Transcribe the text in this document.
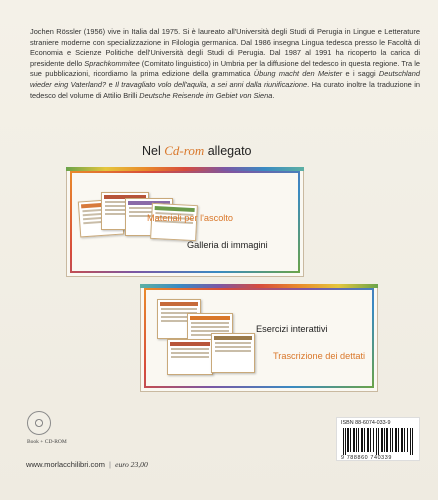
Jochen Rössler (1956) vive in Italia dal 1975. Si è laureato all'Università degli Studi di Perugia in Lingue e Letterature straniere moderne con specializzazione in Filologia germanica. Dal 1986 insegna Lingua tedesca presso le Facoltà di Economia e Scienze Politiche dell'Università degli Studi di Perugia. Dal 1987 al 1991 ha ricoperto la carica di presidente dello Sprachkommitee (Comitato linguistico) in Umbria per la diffusione del tedesco in questa regione. Tra le sue pubblicazioni, ricordiamo la prima edizione della grammatica Übung macht den Meister e i saggi Deutschland wieder eing Vaterland? e Il travagliato volo dell'aquila, a sei anni dalla riunificazione. Ha curato inoltre la traduzione in tedesco del volume di Attilio Brilli Deutsche Reisende im Gebiet von Siena.

Nel Cd-rom allegato
Materiali per l'ascolto
Galleria di immagini
Esercizi interattivi
Trascrizione dei dettati
Book + CD-ROM
www.morlacchilibri.com | euro 23,00
ISBN 88-6074-033-9
9 788860 740339
